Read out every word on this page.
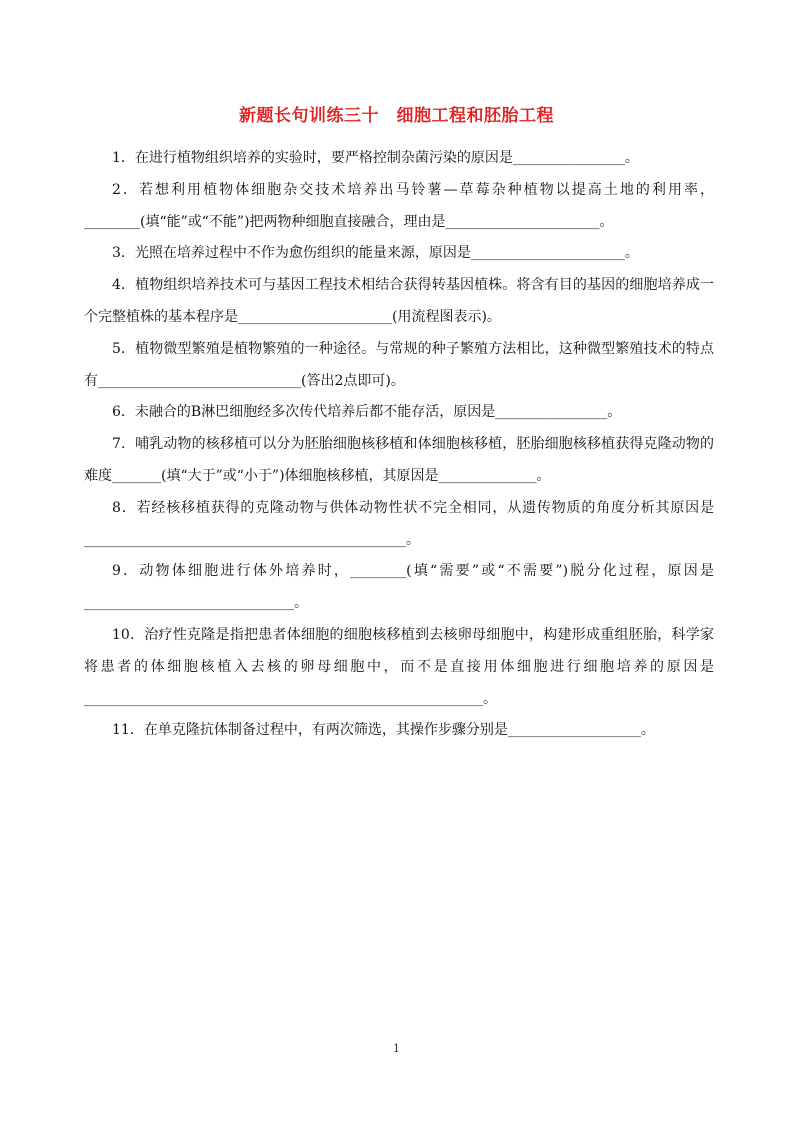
新题长句训练三十　细胞工程和胚胎工程

1．在进行植物组织培养的实验时，要严格控制杂菌污染的原因是________________。

2．若想利用植物体细胞杂交技术培养出马铃薯—草莓杂种植物以提高土地的利用率，________(填“能”或“不能”)把两物种细胞直接融合，理由是______________________。

3．光照在培养过程中不作为愈伤组织的能量来源，原因是______________________。

4．植物组织培养技术可与基因工程技术相结合获得转基因植株。将含有目的基因的细胞培养成一个完整植株的基本程序是______________________(用流程图表示)。

5．植物微型繁殖是植物繁殖的一种途径。与常规的种子繁殖方法相比，这种微型繁殖技术的特点有_____________________________(答出2点即可)。

6．未融合的B淋巴细胞经多次传代培养后都不能存活，原因是________________。

7．哺乳动物的核移植可以分为胚胎细胞核移植和体细胞核移植，胚胎细胞核移植获得克隆动物的难度_______(填“大于”或“小于”)体细胞核移植，其原因是______________。

8．若经核移植获得的克隆动物与供体动物性状不完全相同，从遗传物质的角度分析其原因是______________________________________________。

9．动物体细胞进行体外培养时，________(填“需要”或“不需要”)脱分化过程，原因是______________________________。

10．治疗性克隆是指把患者体细胞的细胞核移植到去核卵母细胞中，构建形成重组胚胎，科学家将患者的体细胞核植入去核的卵母细胞中，而不是直接用体细胞进行细胞培养的原因是_________________________________________________________。

11．在单克隆抗体制备过程中，有两次筛选，其操作步骤分别是___________________。

1
